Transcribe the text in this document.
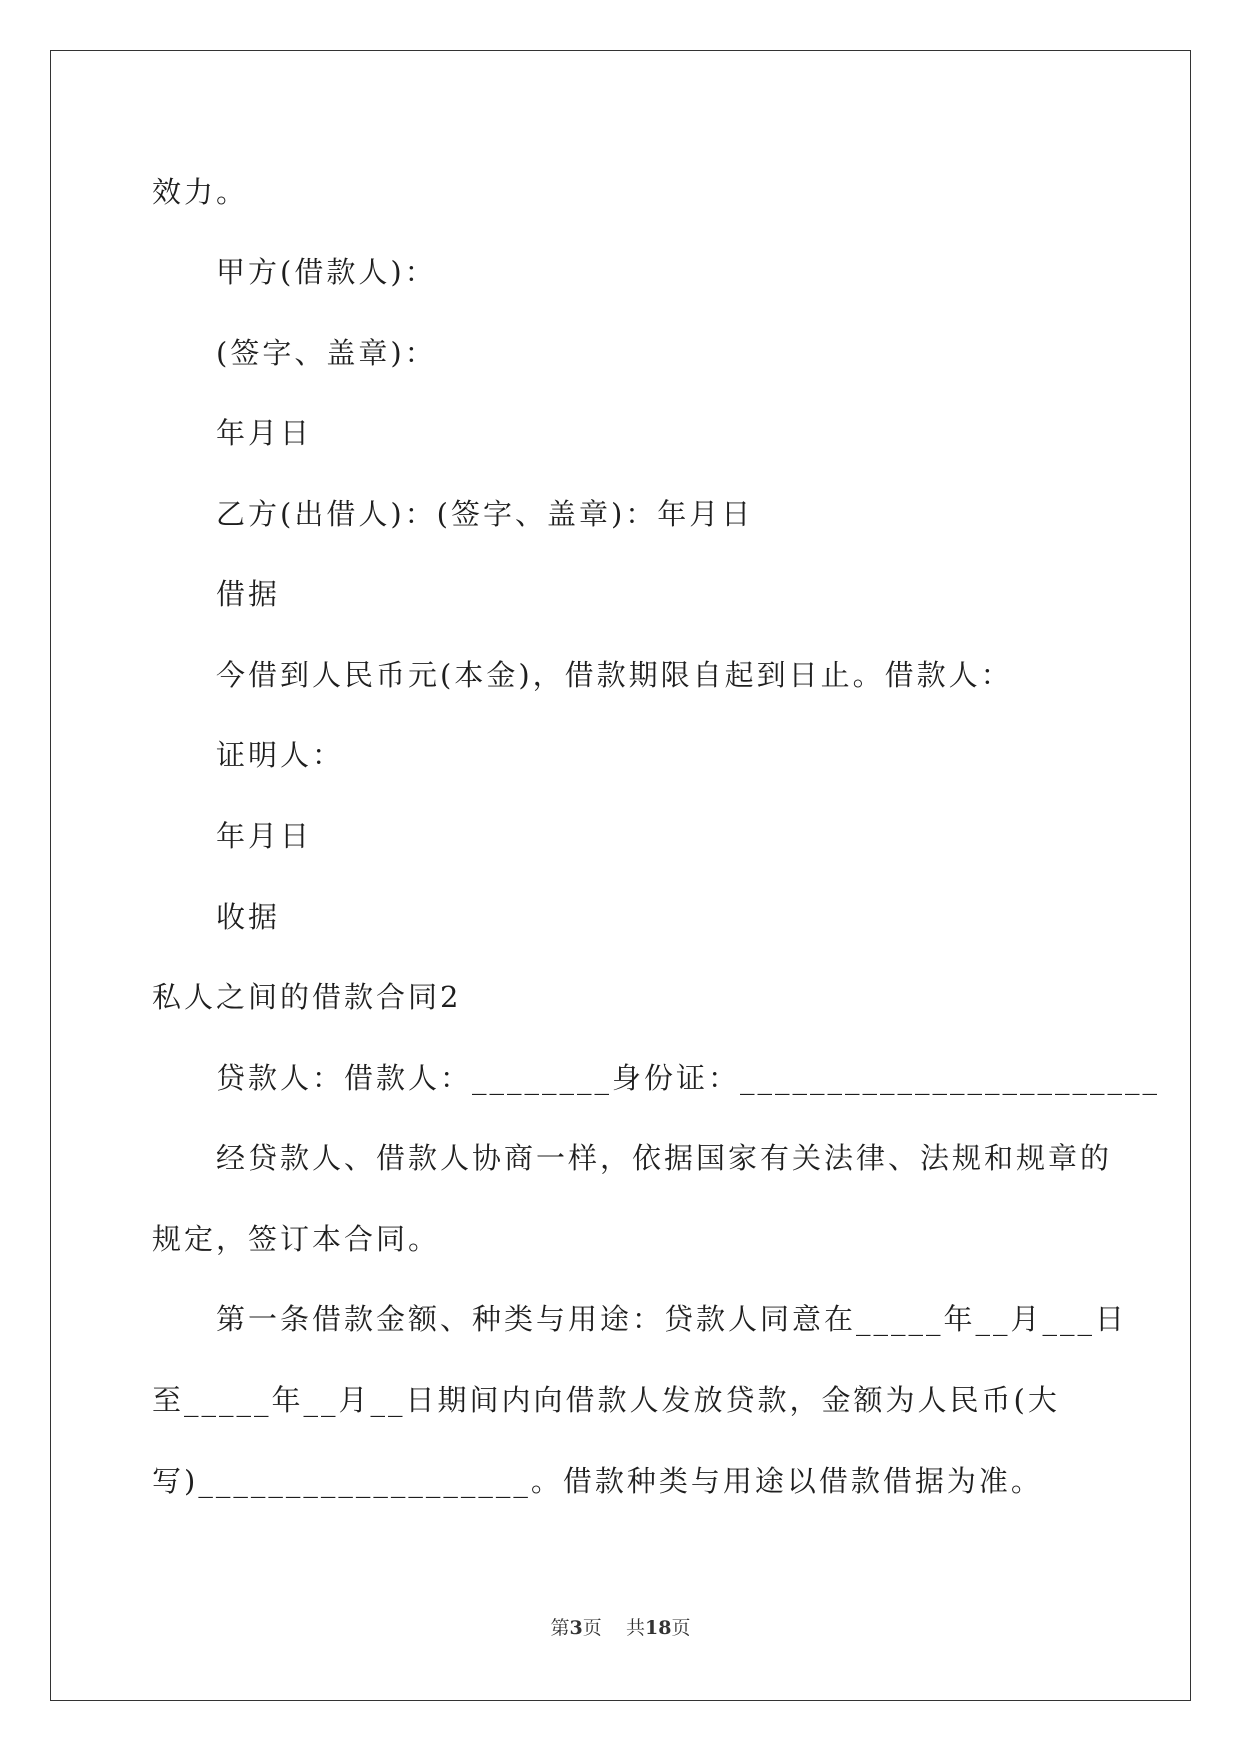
效力。
甲方(借款人)：
(签字、盖章)：
年月日
乙方(出借人)：(签字、盖章)：年月日
借据
今借到人民币元(本金)，借款期限自起到日止。借款人：
证明人：
年月日
收据
私人之间的借款合同2
贷款人：借款人：________身份证：________________________
经贷款人、借款人协商一样，依据国家有关法律、法规和规章的
规定，签订本合同。
第一条借款金额、种类与用途：贷款人同意在_____年__月___日
至_____年__月__日期间内向借款人发放贷款，金额为人民币(大
写)___________________。借款种类与用途以借款借据为准。
第3页 共18页
